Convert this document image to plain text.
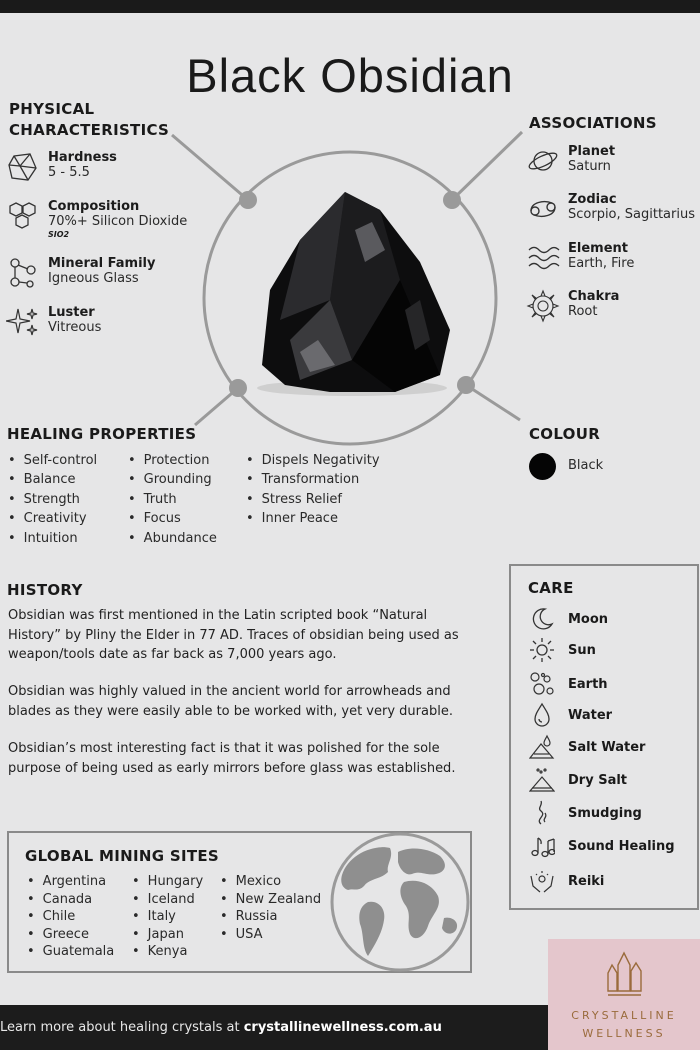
Black Obsidian
PHYSICAL
CHARACTERISTICS
Hardness
5 - 5.5
Composition
70%+ Silicon Dioxide
SIO2
Mineral Family
Igneous Glass
Luster
Vitreous
ASSOCIATIONS
Planet
Saturn
Zodiac
Scorpio, Sagittarius
Element
Earth, Fire
Chakra
Root
HEALING PROPERTIES
• Self-control
• Balance
• Strength
• Creativity
• Intuition
• Protection
• Grounding
• Truth
• Focus
• Abundance
• Dispels Negativity
• Transformation
• Stress Relief
• Inner Peace
COLOUR
Black
HISTORY

Obsidian was first mentioned in the Latin scripted book “Natural History” by Pliny the Elder in 77 AD. Traces of obsidian being used as weapon/tools date as far back as 7,000 years ago.

Obsidian was highly valued in the ancient world for arrowheads and blades as they were easily able to be worked with, yet very durable.

Obsidian’s most interesting fact is that it was polished for the sole purpose of being used as early mirrors before glass was established.

CARE
Moon
Sun
Earth
Water
Salt Water
Dry Salt
Smudging
Sound Healing
Reiki
GLOBAL MINING SITES
• Argentina
• Canada
• Chile
• Greece
• Guatemala
• Hungary
• Iceland
• Italy
• Japan
• Kenya
• Mexico
• New Zealand
• Russia
• USA
Learn more about healing crystals at crystallinewellness.com.au
CRYSTALLINE
WELLNESS
